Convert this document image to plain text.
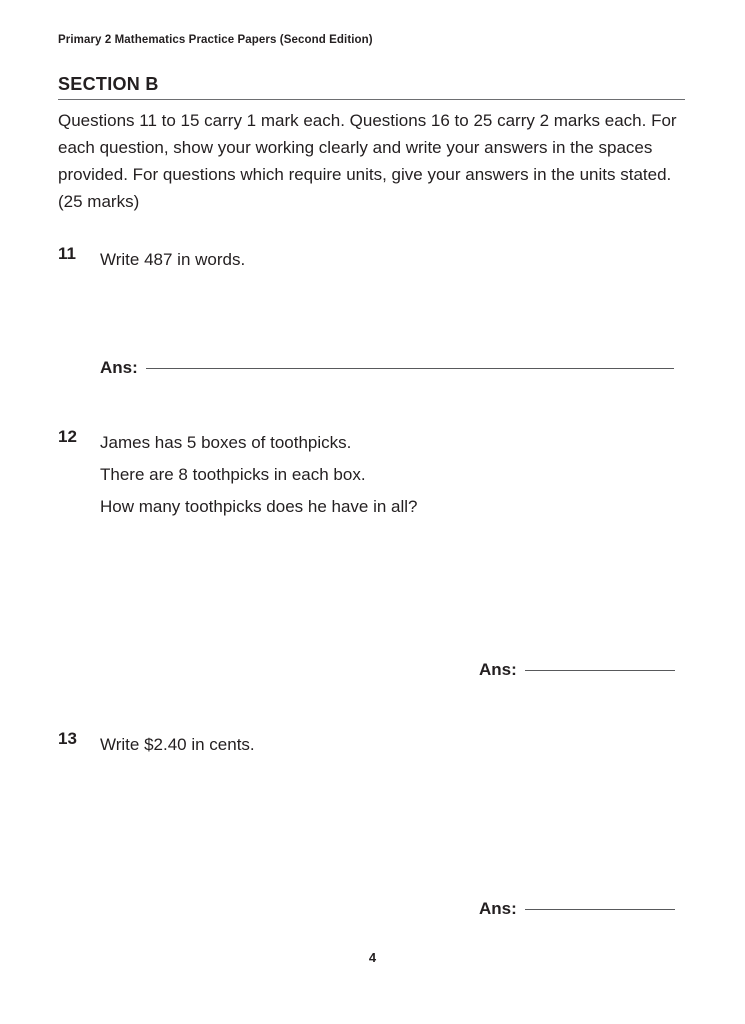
Primary 2 Mathematics Practice Papers (Second Edition)
SECTION B
Questions 11 to 15 carry 1 mark each. Questions 16 to 25 carry 2 marks each. For each question, show your working clearly and write your answers in the spaces provided. For questions which require units, give your answers in the units stated. (25 marks)
11	Write 487 in words.
Ans:
12	James has 5 boxes of toothpicks.
There are 8 toothpicks in each box.
How many toothpicks does he have in all?
Ans:
13	Write $2.40 in cents.
Ans:
4
